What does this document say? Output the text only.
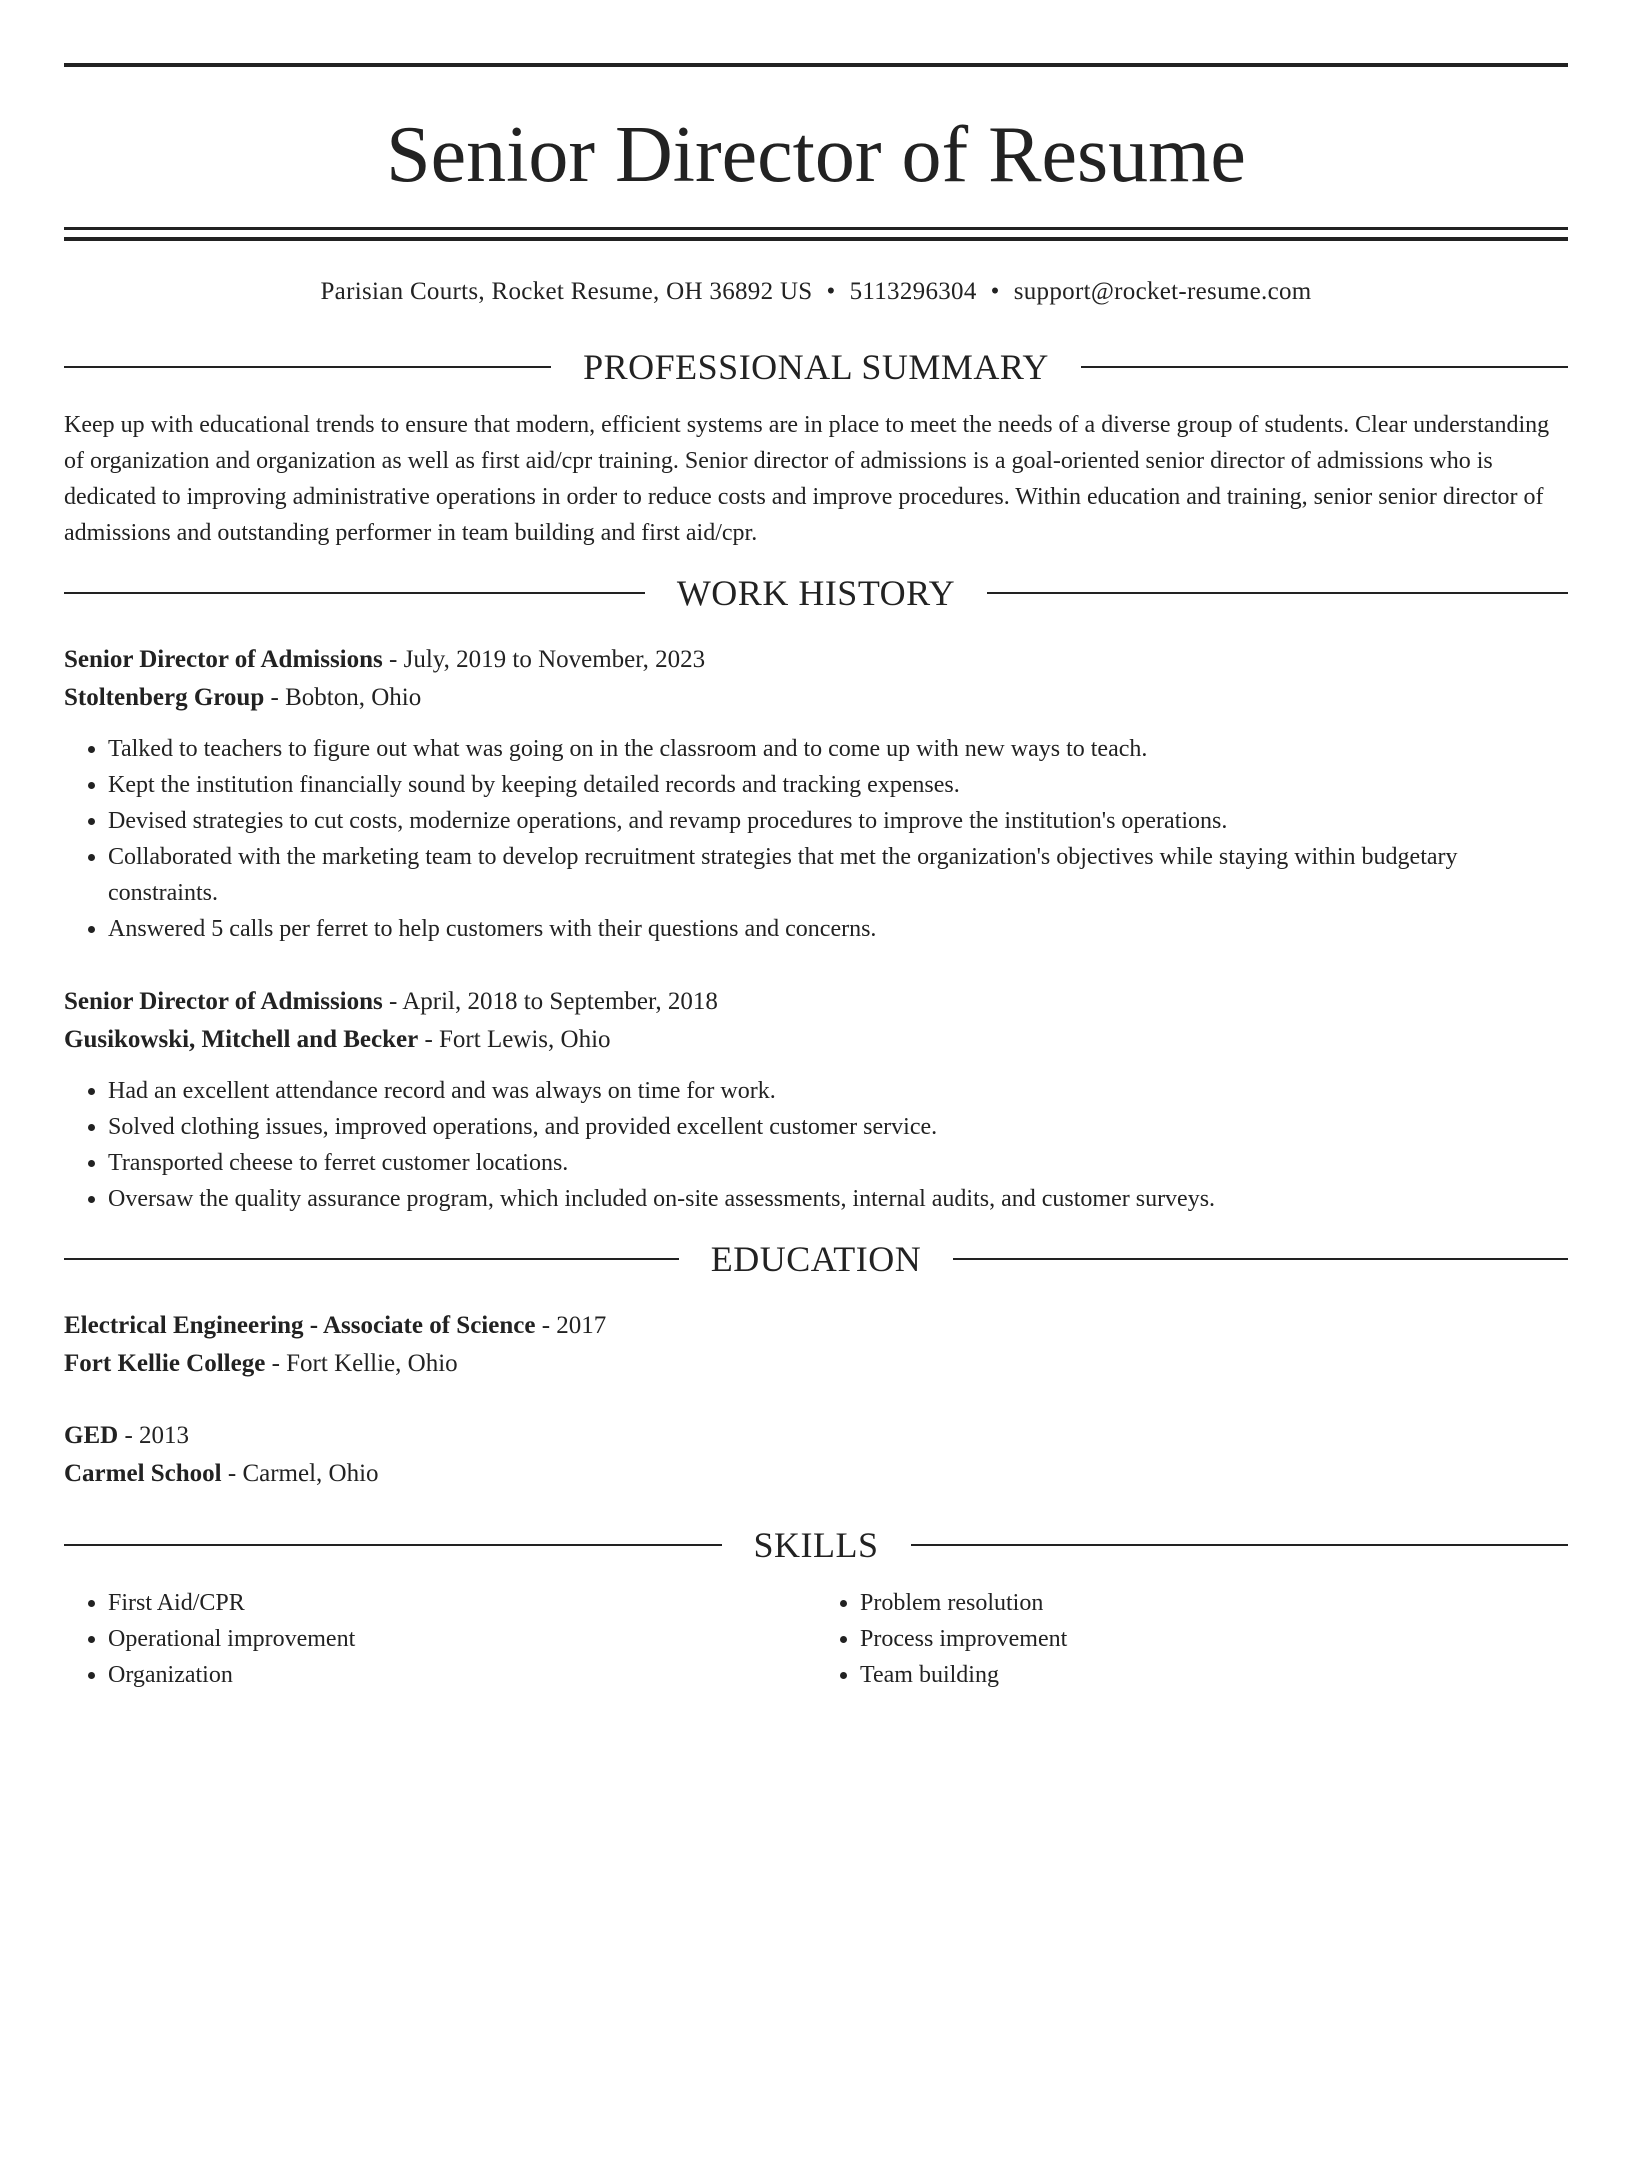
Senior Director of Resume
Parisian Courts, Rocket Resume, OH 36892 US • 5113296304 • support@rocket-resume.com
PROFESSIONAL SUMMARY

Keep up with educational trends to ensure that modern, efficient systems are in place to meet the needs of a diverse group of students. Clear understanding of organization and organization as well as first aid/cpr training. Senior director of admissions is a goal-oriented senior director of admissions who is dedicated to improving administrative operations in order to reduce costs and improve procedures. Within education and training, senior senior director of admissions and outstanding performer in team building and first aid/cpr.

WORK HISTORY
Senior Director of Admissions - July, 2019 to November, 2023
Stoltenberg Group - Bobton, Ohio
• Talked to teachers to figure out what was going on in the classroom and to come up with new ways to teach.
• Kept the institution financially sound by keeping detailed records and tracking expenses.
• Devised strategies to cut costs, modernize operations, and revamp procedures to improve the institution's operations.
• Collaborated with the marketing team to develop recruitment strategies that met the organization's objectives while staying within budgetary constraints.
• Answered 5 calls per ferret to help customers with their questions and concerns.
Senior Director of Admissions - April, 2018 to September, 2018
Gusikowski, Mitchell and Becker - Fort Lewis, Ohio
• Had an excellent attendance record and was always on time for work.
• Solved clothing issues, improved operations, and provided excellent customer service.
• Transported cheese to ferret customer locations.
• Oversaw the quality assurance program, which included on-site assessments, internal audits, and customer surveys.
EDUCATION
Electrical Engineering - Associate of Science - 2017
Fort Kellie College - Fort Kellie, Ohio
GED - 2013
Carmel School - Carmel, Ohio
SKILLS
• First Aid/CPR
• Operational improvement
• Organization
• Problem resolution
• Process improvement
• Team building
